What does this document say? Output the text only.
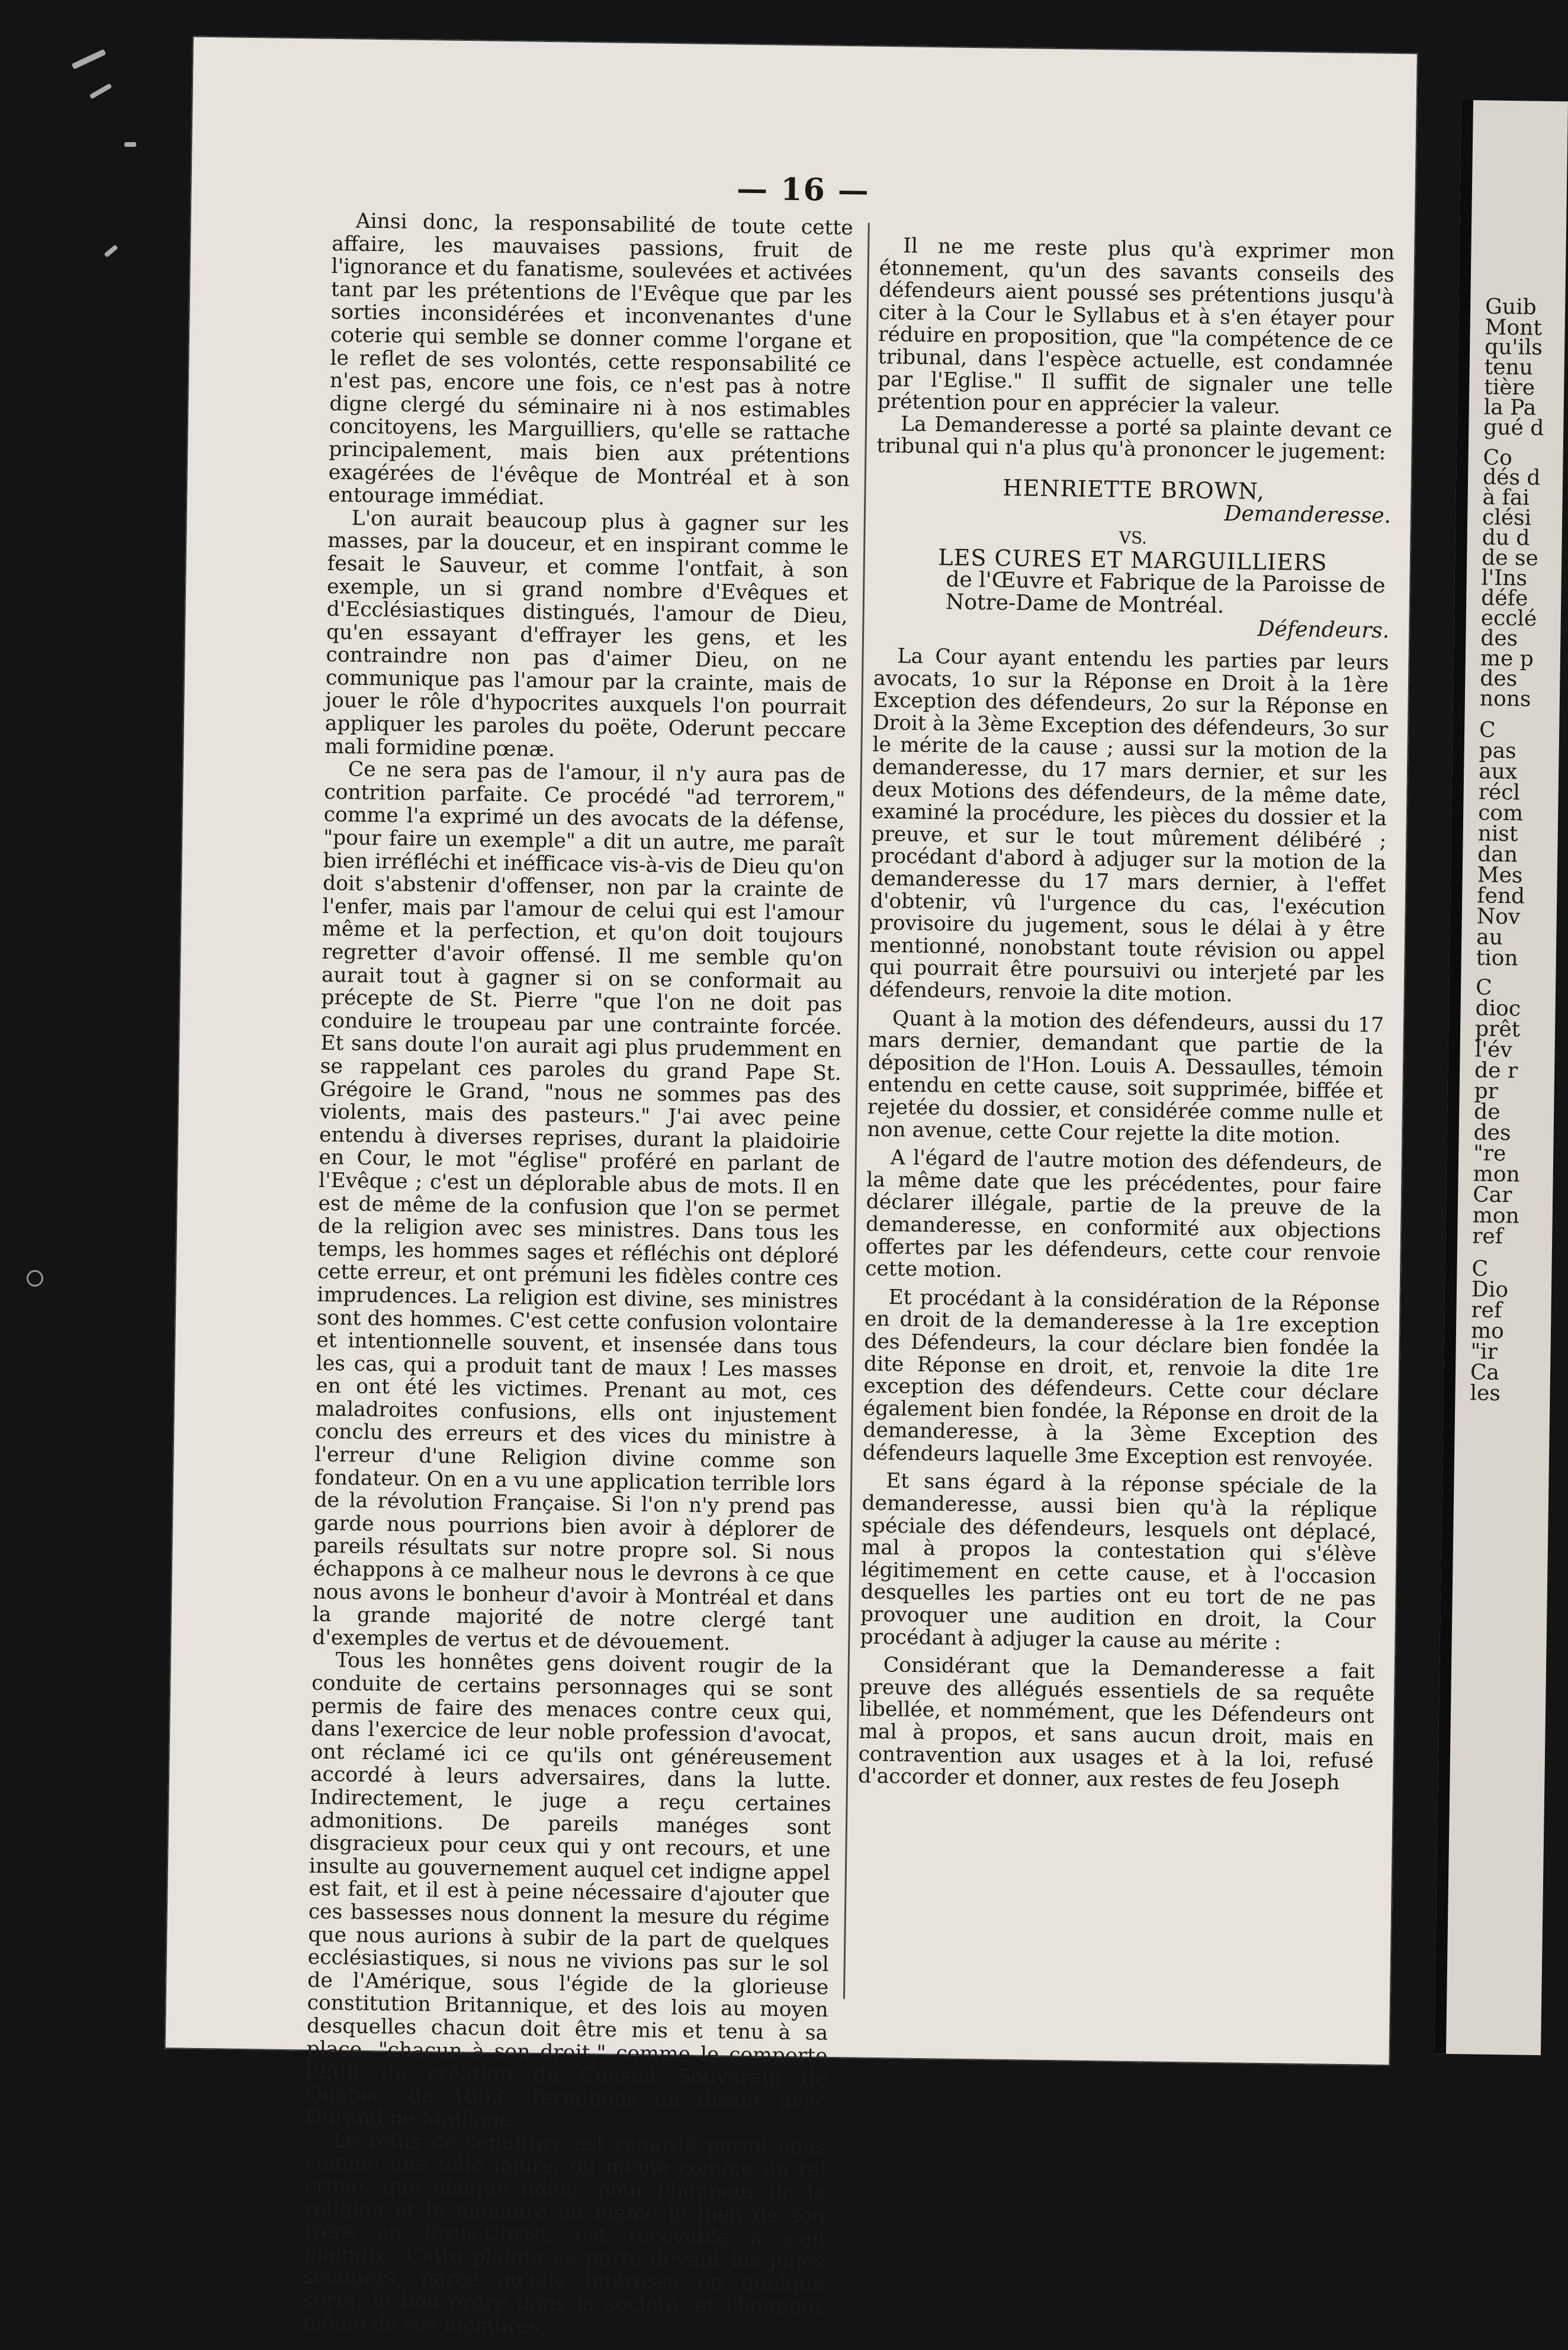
— 16 —

Ainsi donc, la responsabilité de toute cette affaire, les mauvaises passions, fruit de l'ignorance et du fanatisme, soulevées et activées tant par les prétentions de l'Evêque que par les sorties inconsidérées et inconvenantes d'une coterie qui semble se donner comme l'organe et le reflet de ses volontés, cette responsabilité ce n'est pas, encore une fois, ce n'est pas à notre digne clergé du séminaire ni à nos estimables concitoyens, les Marguilliers, qu'elle se rattache principalement, mais bien aux prétentions exagérées de l'évêque de Montréal et à son entourage immédiat.

L'on aurait beaucoup plus à gagner sur les masses, par la douceur, et en inspirant comme le fesait le Sauveur, et comme l'ontfait, à son exemple, un si grand nombre d'Evêques et d'Ecclésiastiques distingués, l'amour de Dieu, qu'en essayant d'effrayer les gens, et les contraindre non pas d'aimer Dieu, on ne communique pas l'amour par la crainte, mais de jouer le rôle d'hypocrites auxquels l'on pourrait appliquer les paroles du poëte, Oderunt peccare mali formidine pœnæ.

Ce ne sera pas de l'amour, il n'y aura pas de contrition parfaite. Ce procédé "ad terrorem," comme l'a exprimé un des avocats de la défense, "pour faire un exemple" a dit un autre, me paraît bien irréfléchi et inéfficace vis-à-vis de Dieu qu'on doit s'abstenir d'offenser, non par la crainte de l'enfer, mais par l'amour de celui qui est l'amour même et la perfection, et qu'on doit toujours regretter d'avoir offensé. Il me semble qu'on aurait tout à gagner si on se conformait au précepte de St. Pierre "que l'on ne doit pas conduire le troupeau par une contrainte forcée. Et sans doute l'on aurait agi plus prudemment en se rappelant ces paroles du grand Pape St. Grégoire le Grand, "nous ne sommes pas des violents, mais des pasteurs." J'ai avec peine entendu à diverses reprises, durant la plaidoirie en Cour, le mot "église" proféré en parlant de l'Evêque ; c'est un déplorable abus de mots. Il en est de même de la confusion que l'on se permet de la religion avec ses ministres. Dans tous les temps, les hommes sages et réfléchis ont déploré cette erreur, et ont prémuni les fidèles contre ces imprudences. La religion est divine, ses ministres sont des hommes. C'est cette confusion volontaire et intentionnelle souvent, et insensée dans tous les cas, qui a produit tant de maux ! Les masses en ont été les victimes. Prenant au mot, ces maladroites confusions, ells ont injustement conclu des erreurs et des vices du ministre à l'erreur d'une Religion divine comme son fondateur. On en a vu une application terrible lors de la révolution Française. Si l'on n'y prend pas garde nous pourrions bien avoir à déplorer de pareils résultats sur notre propre sol. Si nous échappons à ce malheur nous le devrons à ce que nous avons le bonheur d'avoir à Montréal et dans la grande majorité de notre clergé tant d'exemples de vertus et de dévouement.

Tous les honnêtes gens doivent rougir de la conduite de certains personnages qui se sont permis de faire des menaces contre ceux qui, dans l'exercice de leur noble profession d'avocat, ont réclamé ici ce qu'ils ont généreusement accordé à leurs adversaires, dans la lutte. Indirectement, le juge a reçu certaines admonitions. De pareils manéges sont disgracieux pour ceux qui y ont recours, et une insulte au gouvernement auquel cet indigne appel est fait, et il est à peine nécessaire d'ajouter que ces bassesses nous donnent la mesure du régime que nous aurions à subir de la part de quelques ecclésiastiques, si nous ne vivions pas sur le sol de l'Amérique, sous l'égide de la glorieuse constitution Britannique, et des lois au moyen desquelles chacun doit être mis et tenu à sa place, "chacun à son droit," comme le comporte l'Edit de création du Conseil Souverain de Québec, de 1663. Terminons en disant avec Durand de Maillane.

"Le refus de sépulture est regardé parmi nous comme une telle injure, ou même comme un tel crime, que chaque fidèle, pour l'honneur de la religion et la mémoire ou même le bien de son frère en Jésus-Christ, est recevable à s'en plaindre. Cette plainte se porte devant les juges séculiers, parce qu'elle intéresse en quelque sorte, le bon ordre dans la société, et l'honneur même de ses membres."

Il ne me reste plus qu'à exprimer mon étonnement, qu'un des savants conseils des défendeurs aient poussé ses prétentions jusqu'à citer à la Cour le Syllabus et à s'en étayer pour réduire en proposition, que "la compétence de ce tribunal, dans l'espèce actuelle, est condamnée par l'Eglise." Il suffit de signaler une telle prétention pour en apprécier la valeur.

La Demanderesse a porté sa plainte devant ce tribunal qui n'a plus qu'à prononcer le jugement:

HENRIETTE BROWN,
Demanderesse.
VS.
LES CURES ET MARGUILLIERS
de l'Œuvre et Fabrique de la Paroisse de Notre-Dame de Montréal.
Défendeurs.

La Cour ayant entendu les parties par leurs avocats, 1o sur la Réponse en Droit à la 1ère Exception des défendeurs, 2o sur la Réponse en Droit à la 3ème Exception des défendeurs, 3o sur le mérite de la cause ; aussi sur la motion de la demanderesse, du 17 mars dernier, et sur les deux Motions des défendeurs, de la même date, examiné la procédure, les pièces du dossier et la preuve, et sur le tout mûrement délibéré ; procédant d'abord à adjuger sur la motion de la demanderesse du 17 mars dernier, à l'effet d'obtenir, vû l'urgence du cas, l'exécution provisoire du jugement, sous le délai à y être mentionné, nonobstant toute révision ou appel qui pourrait être poursuivi ou interjeté par les défendeurs, renvoie la dite motion.

Quant à la motion des défendeurs, aussi du 17 mars dernier, demandant que partie de la déposition de l'Hon. Louis A. Dessaulles, témoin entendu en cette cause, soit supprimée, biffée et rejetée du dossier, et considérée comme nulle et non avenue, cette Cour rejette la dite motion.

A l'égard de l'autre motion des défendeurs, de la même date que les précédentes, pour faire déclarer illégale, partie de la preuve de la demanderesse, en conformité aux objections offertes par les défendeurs, cette cour renvoie cette motion.

Et procédant à la considération de la Réponse en droit de la demanderesse à la 1re exception des Défendeurs, la cour déclare bien fondée la dite Réponse en droit, et, renvoie la dite 1re exception des défendeurs. Cette cour déclare également bien fondée, la Réponse en droit de la demanderesse, à la 3ème Exception des défendeurs laquelle 3me Exception est renvoyée.

Et sans égard à la réponse spéciale de la demanderesse, aussi bien qu'à la réplique spéciale des défendeurs, lesquels ont déplacé, mal à propos la contestation qui s'élève légitimement en cette cause, et à l'occasion desquelles les parties ont eu tort de ne pas provoquer une audition en droit, la Cour procédant à adjuger la cause au mérite :

Considérant que la Demanderesse a fait preuve des allégués essentiels de sa requête libellée, et nommément, que les Défendeurs ont mal à propos, et sans aucun droit, mais en contravention aux usages et à la loi, refusé d'accorder et donner, aux restes de feu Joseph

Guib
Mont
qu'ils
tenu
tière
la Pa
gué d
Co
dés d
à fai
clési
du d
de se
l'Ins
défe
ecclé
des
me p
des
nons
C
pas
aux
récl
com
nist
dan
Mes
fend
Nov
au
tion
C
dioc
prêt
l'év
de r
pr
de
des
"re
mon
Car
mon
ref
C
Dio
ref
mo
"ir
Ca
les
